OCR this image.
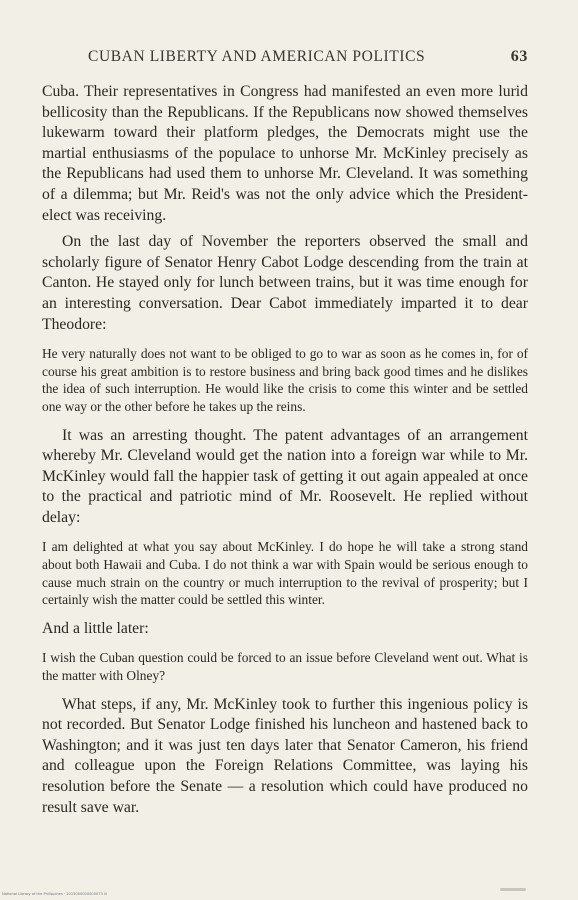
CUBAN LIBERTY AND AMERICAN POLITICS	63

Cuba. Their representatives in Congress had manifested an even more lurid bellicosity than the Republicans. If the Republicans now showed themselves lukewarm toward their platform pledges, the Democrats might use the martial enthusiasms of the populace to unhorse Mr. McKinley precisely as the Republicans had used them to unhorse Mr. Cleveland. It was something of a dilemma; but Mr. Reid's was not the only advice which the President-elect was receiving.

On the last day of November the reporters observed the small and scholarly figure of Senator Henry Cabot Lodge descending from the train at Canton. He stayed only for lunch between trains, but it was time enough for an interesting conversation. Dear Cabot immediately imparted it to dear Theodore:

He very naturally does not want to be obliged to go to war as soon as he comes in, for of course his great ambition is to restore business and bring back good times and he dislikes the idea of such interruption. He would like the crisis to come this winter and be settled one way or the other before he takes up the reins.

It was an arresting thought. The patent advantages of an arrangement whereby Mr. Cleveland would get the nation into a foreign war while to Mr. McKinley would fall the happier task of getting it out again appealed at once to the practical and patriotic mind of Mr. Roosevelt. He replied without delay:

I am delighted at what you say about McKinley. I do hope he will take a strong stand about both Hawaii and Cuba. I do not think a war with Spain would be serious enough to cause much strain on the country or much interruption to the revival of prosperity; but I certainly wish the matter could be settled this winter.

And a little later:

I wish the Cuban question could be forced to an issue before Cleveland went out. What is the matter with Olney?

What steps, if any, Mr. McKinley took to further this ingenious policy is not recorded. But Senator Lodge finished his luncheon and hastened back to Washington; and it was just ten days later that Senator Cameron, his friend and colleague upon the Foreign Relations Committee, was laying his resolution before the Senate — a resolution which could have produced no result save war.

National Library of the Philippines · 2015000000000073 lll
